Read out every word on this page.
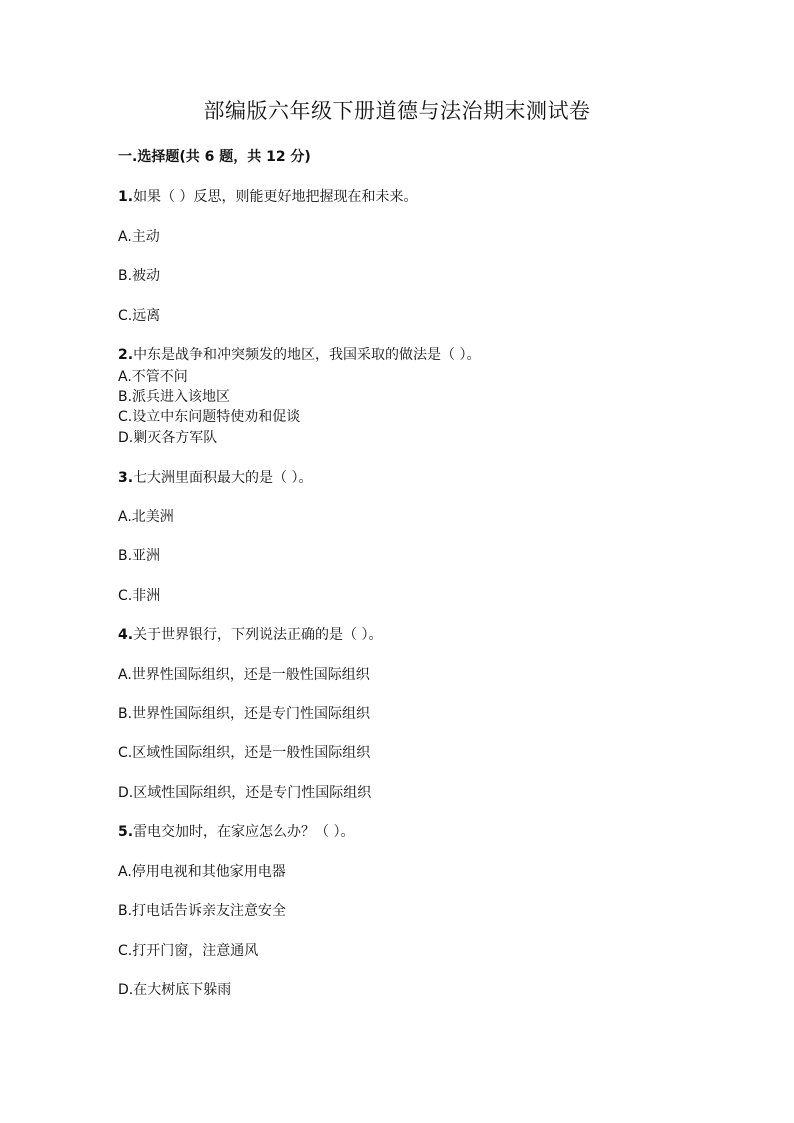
部编版六年级下册道德与法治期末测试卷
一.选择题(共 6 题，共 12 分)
1.如果（ ）反思，则能更好地把握现在和未来。
A.主动
B.被动
C.远离
2.中东是战争和冲突频发的地区，我国采取的做法是（ ）。
A.不管不问
B.派兵进入该地区
C.设立中东问题特使劝和促谈
D.剿灭各方军队
3.七大洲里面积最大的是（ ）。
A.北美洲
B.亚洲
C.非洲
4.关于世界银行，下列说法正确的是（ ）。
A.世界性国际组织，还是一般性国际组织
B.世界性国际组织，还是专门性国际组织
C.区域性国际组织，还是一般性国际组织
D.区域性国际组织，还是专门性国际组织
5.雷电交加时，在家应怎么办？（ ）。
A.停用电视和其他家用电器
B.打电话告诉亲友注意安全
C.打开门窗，注意通风
D.在大树底下躲雨
